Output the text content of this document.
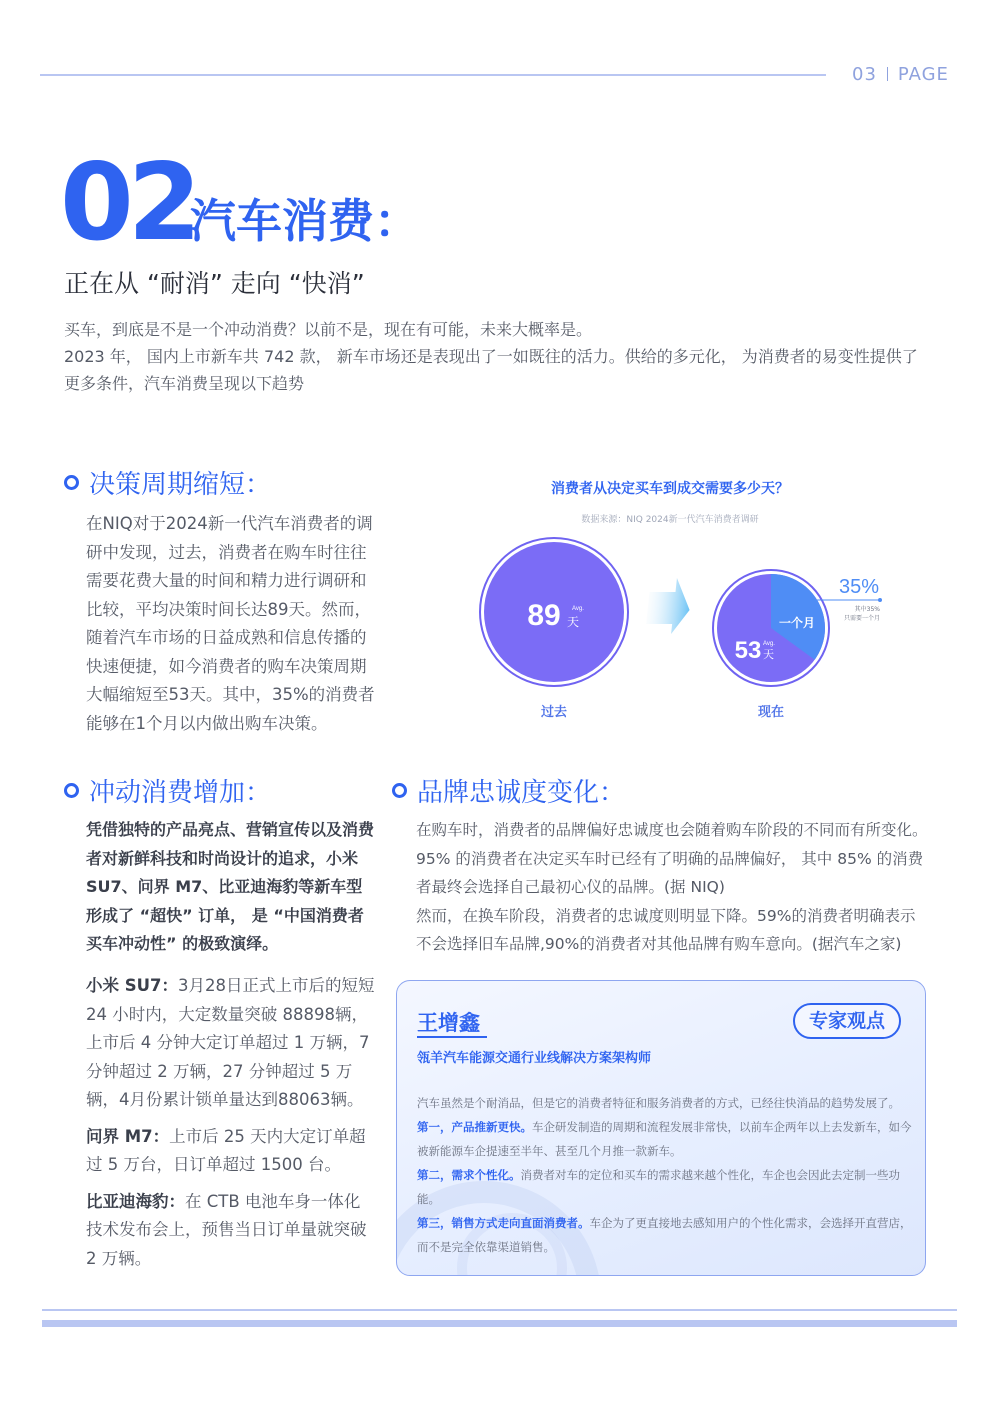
03 PAGE
02
汽车消费：
正在从 “耐消” 走向 “快消”

买车，到底是不是一个冲动消费？以前不是，现在有可能，未来大概率是。

2023 年， 国内上市新车共 742 款， 新车市场还是表现出了一如既往的活力。供给的多元化， 为消费者的易变性提供了更多条件，汽车消费呈现以下趋势

决策周期缩短：
在NIQ对于2024新一代汽车消费者的调研中发现，过去，消费者在购车时往往需要花费大量的时间和精力进行调研和比较，平均决策时间长达89天。然而，随着汽车市场的日益成熟和信息传播的快速便捷，如今消费者的购车决策周期大幅缩短至53天。其中，35%的消费者能够在1个月以内做出购车决策。
消费者从决定买车到成交需要多少天？
数据来源：NIQ 2024新一代汽车消费者调研
89 Avg.
天	一个月
53 Avg.
天
35%
其中35%
只需要一个月
过去	现在
冲动消费增加：
凭借独特的产品亮点、营销宣传以及消费者对新鲜科技和时尚设计的追求，小米SU7、问界 M7、比亚迪海豹等新车型形成了 “超快” 订单， 是 “中国消费者买车冲动性” 的极致演绎。

小米 SU7：3月28日正式上市后的短短 24 小时内，大定数量突破 88898辆，上市后 4 分钟大定订单超过 1 万辆，7 分钟超过 2 万辆，27 分钟超过 5 万辆，4月份累计锁单量达到88063辆。

问界 M7：上市后 25 天内大定订单超过 5 万台，日订单超过 1500 台。

比亚迪海豹：在 CTB 电池车身一体化技术发布会上，预售当日订单量就突破 2 万辆。

品牌忠诚度变化：

在购车时，消费者的品牌偏好忠诚度也会随着购车阶段的不同而有所变化。95% 的消费者在决定买车时已经有了明确的品牌偏好， 其中 85% 的消费者最终会选择自己最初心仪的品牌。(据 NIQ)

然而，在换车阶段，消费者的忠诚度则明显下降。59%的消费者明确表示不会选择旧车品牌,90%的消费者对其他品牌有购车意向。(据汽车之家)

王增鑫	专家观点
瓴羊汽车能源交通行业线解决方案架构师

汽车虽然是个耐消品，但是它的消费者特征和服务消费者的方式，已经往快消品的趋势发展了。

第一，产品推新更快。车企研发制造的周期和流程发展非常快，以前车企两年以上去发新车，如今被新能源车企提速至半年、甚至几个月推一款新车。

第二，需求个性化。消费者对车的定位和买车的需求越来越个性化，车企也会因此去定制一些功能。

第三，销售方式走向直面消费者。车企为了更直接地去感知用户的个性化需求，会选择开直营店，而不是完全依靠渠道销售。
